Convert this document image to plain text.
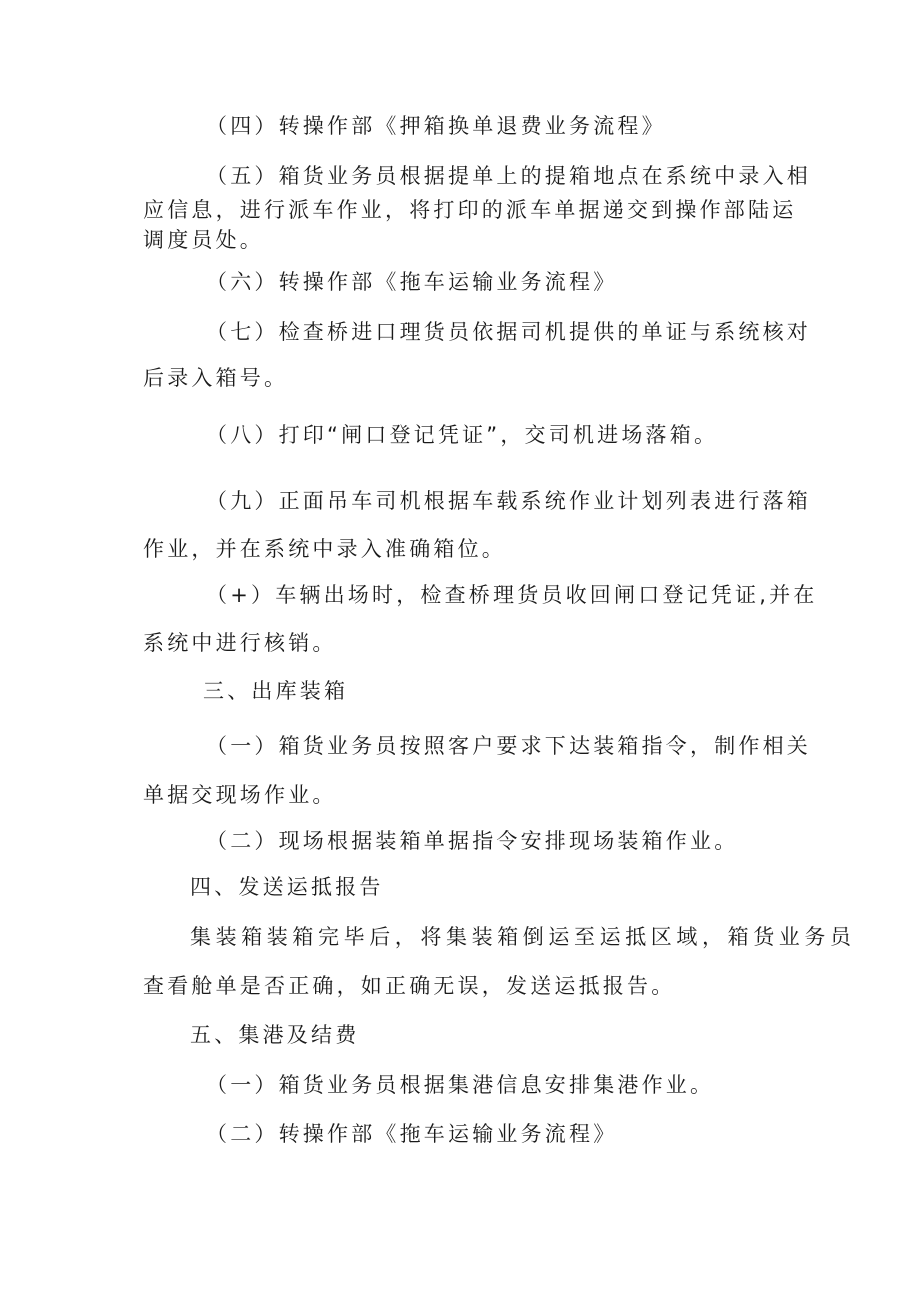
（四）转操作部《押箱换单退费业务流程》
（五）箱货业务员根据提单上的提箱地点在系统中录入相
应信息，进行派车作业，将打印的派车单据递交到操作部陆运
调度员处。
（六）转操作部《拖车运输业务流程》
（七）检查桥进口理货员依据司机提供的单证与系统核对
后录入箱号。
（八）打印“闸口登记凭证”，交司机进场落箱。
（九）正面吊车司机根据车载系统作业计划列表进行落箱
作业，并在系统中录入准确箱位。
（+）车辆出场时，检查桥理货员收回闸口登记凭证,并在
系统中进行核销。
三、出库装箱
（一）箱货业务员按照客户要求下达装箱指令，制作相关
单据交现场作业。
（二）现场根据装箱单据指令安排现场装箱作业。
四、发送运抵报告
集装箱装箱完毕后，将集装箱倒运至运抵区域，箱货业务员
查看舱单是否正确，如正确无误，发送运抵报告。
五、集港及结费
（一）箱货业务员根据集港信息安排集港作业。
（二）转操作部《拖车运输业务流程》
